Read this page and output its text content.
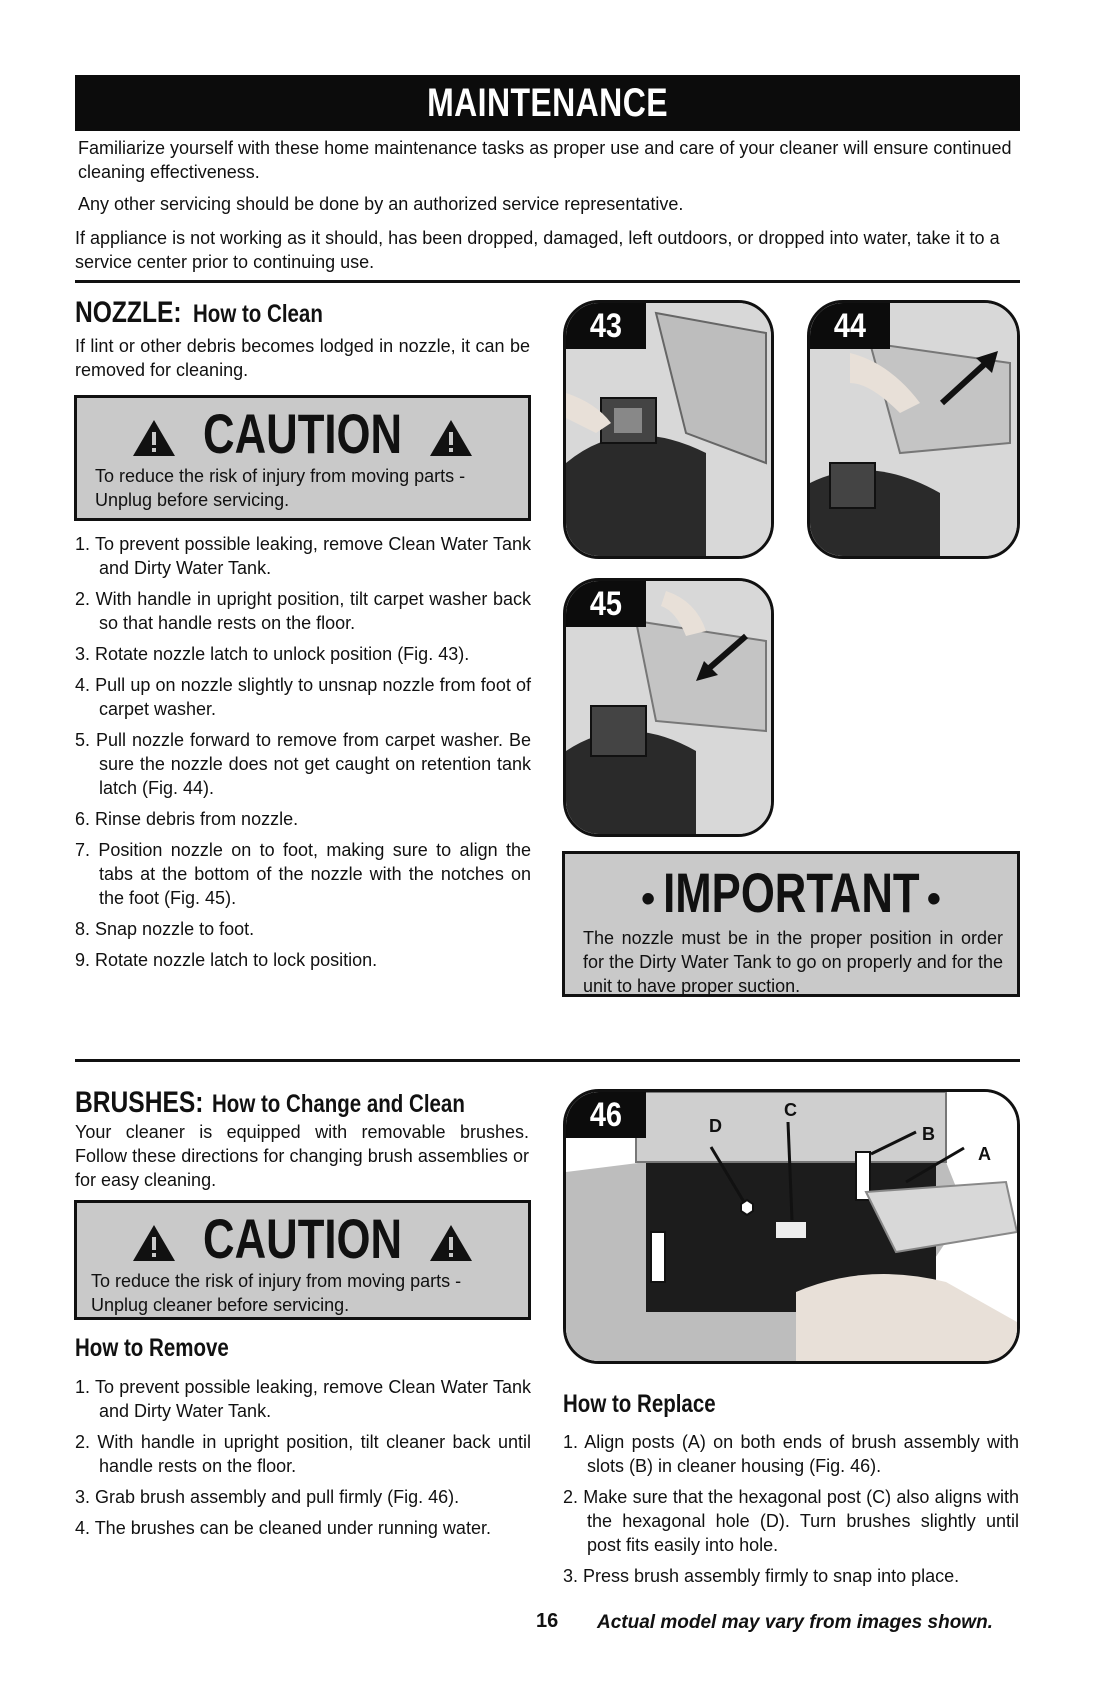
MAINTENANCE
Familiarize yourself with these home maintenance tasks as proper use and care of your cleaner will ensure continued cleaning effectiveness.
Any other servicing should be done by an authorized service representative.
If appliance is not working as it should, has been dropped, damaged, left outdoors, or dropped into water, take it to a service center prior to continuing use.
NOZZLE: How to Clean
If lint or other debris becomes lodged in nozzle, it can be removed for cleaning.
CAUTION
To reduce the risk of injury from moving parts - Unplug before servicing.
1. To prevent possible leaking, remove Clean Water Tank and Dirty Water Tank.
2. With handle in upright position, tilt carpet washer back so that handle rests on the floor.
3. Rotate nozzle latch to unlock position (Fig. 43).
4. Pull up on nozzle slightly to unsnap nozzle from foot of carpet washer.
5. Pull nozzle forward to remove from carpet washer. Be sure the nozzle does not get caught on retention tank latch (Fig. 44).
6. Rinse debris from nozzle.
7. Position nozzle on to foot, making sure to align the tabs at the bottom of the nozzle with the notches on the foot (Fig. 45).
8. Snap nozzle to foot.
9. Rotate nozzle latch to lock position.
43	44
45
• IMPORTANT •
The nozzle must be in the proper position in order for the Dirty Water Tank to go on properly and for the unit to have proper suction.
BRUSHES: How to Change and Clean
Your cleaner is equipped with removable brushes. Follow these directions for changing brush assemblies or for easy cleaning.
CAUTION
To reduce the risk of injury from moving parts - Unplug cleaner before servicing.
How to Remove
1. To prevent possible leaking, remove Clean Water Tank and Dirty Water Tank.
2. With handle in upright position, tilt cleaner back until handle rests on the floor.
3. Grab brush assembly and pull firmly (Fig. 46).
4. The brushes can be cleaned under running water.
46	D
C
B
A
How to Replace
1. Align posts (A) on both ends of brush assembly with slots (B) in cleaner housing (Fig. 46).
2. Make sure that the hexagonal post (C) also aligns with the hexagonal hole (D). Turn brushes slightly until post fits easily into hole.
3. Press brush assembly firmly to snap into place.
16 Actual model may vary from images shown.
